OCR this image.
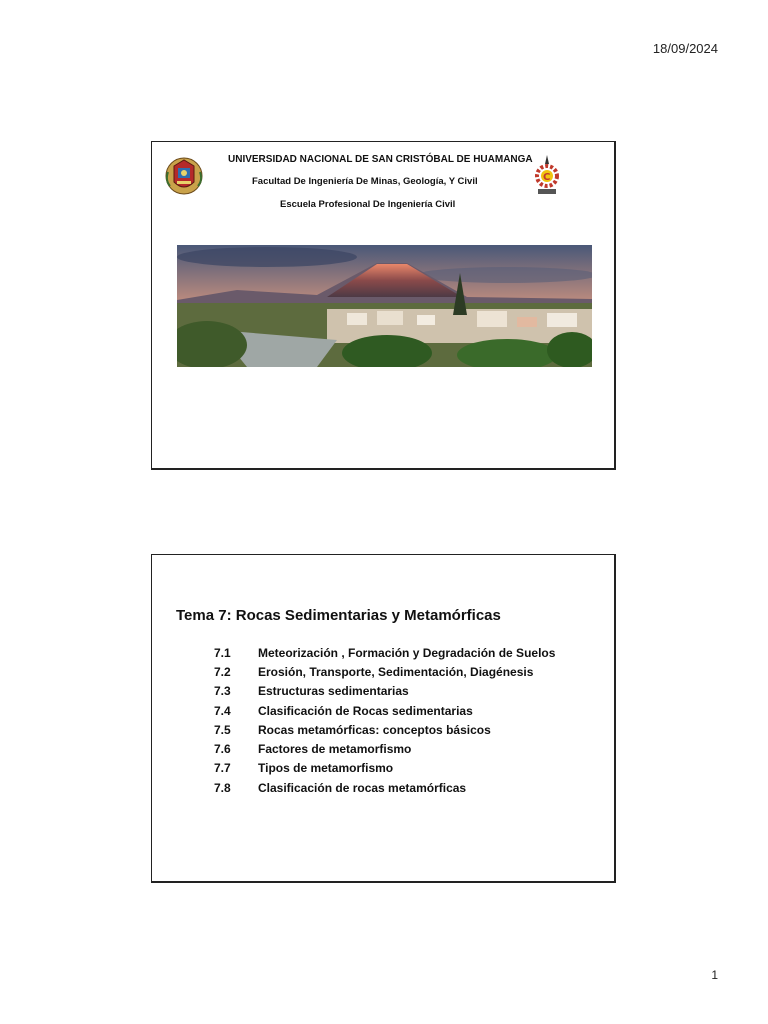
18/09/2024
UNIVERSIDAD NACIONAL DE SAN CRISTÓBAL DE HUAMANGA
Facultad De Ingeniería De Minas, Geología, Y Civil
Escuela Profesional De Ingeniería Civil
C
Tema 7: Rocas Sedimentarias y Metamórficas
7.1	Meteorización , Formación y Degradación de Suelos
7.2	Erosión, Transporte, Sedimentación, Diagénesis
7.3	Estructuras sedimentarias
7.4	Clasificación de Rocas sedimentarias
7.5	Rocas metamórficas: conceptos básicos
7.6	Factores de metamorfismo
7.7	Tipos de metamorfismo
7.8	Clasificación de rocas metamórficas
1
